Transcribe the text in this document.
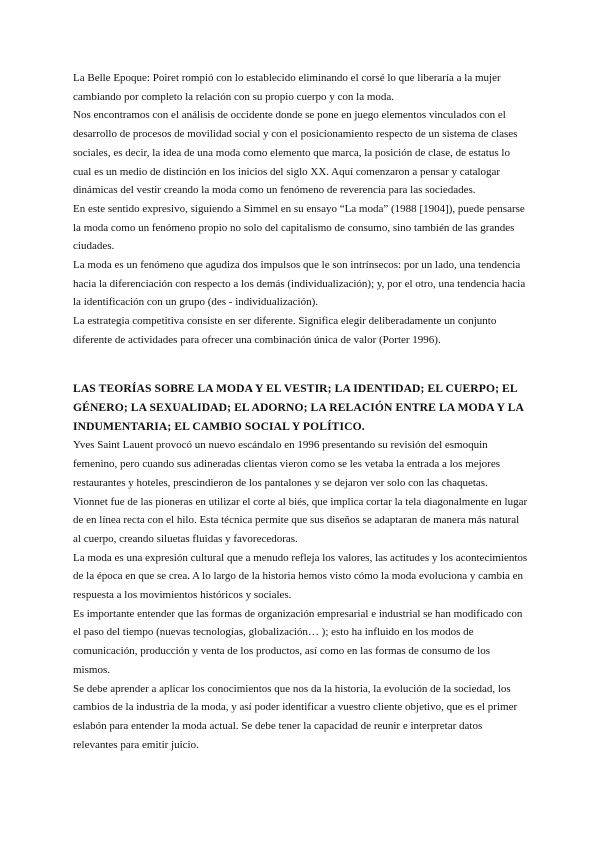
La Belle Epoque: Poiret rompió con lo establecido eliminando el corsé lo que liberaría a la mujer cambiando por completo la relación con su propio cuerpo y con la moda.

Nos encontramos con el análisis de occidente donde se pone en juego elementos vinculados con el desarrollo de procesos de movilidad social y con el posicionamiento respecto de un sistema de clases sociales, es decir, la idea de una moda como elemento que marca, la posición de clase, de estatus lo cual es un medio de distinción en los inicios del siglo XX. Aquí comenzaron a pensar y catalogar dinámicas del vestir creando la moda como un fenómeno de reverencia para las sociedades.

En este sentido expresivo, siguiendo a Simmel en su ensayo “La moda” (1988 [1904]), puede pensarse la moda como un fenómeno propio no solo del capitalismo de consumo, sino también de las grandes ciudades.

La moda es un fenómeno que agudiza dos impulsos que le son intrínsecos: por un lado, una tendencia hacia la diferenciación con respecto a los demás (individualización); y, por el otro, una tendencia hacia la identificación con un grupo (des - individualización).

La estrategia competitiva consiste en ser diferente. Significa elegir deliberadamente un conjunto diferente de actividades para ofrecer una combinación única de valor (Porter 1996).

LAS TEORÍAS SOBRE LA MODA Y EL VESTIR; LA IDENTIDAD; EL CUERPO; EL GÉNERO; LA SEXUALIDAD; EL ADORNO; LA RELACIÓN ENTRE LA MODA Y LA INDUMENTARIA; EL CAMBIO SOCIAL Y POLÍTICO.

Yves Saint Lauent provocó un nuevo escándalo en 1996 presentando su revisión del esmoquin femenino, pero cuando sus adineradas clientas vieron como se les vetaba la entrada a los mejores restaurantes y hoteles, prescindieron de los pantalones y se dejaron ver solo con las chaquetas.

Vionnet fue de las pioneras en utilizar el corte al biés, que implica cortar la tela diagonalmente en lugar de en línea recta con el hilo. Esta técnica permite que sus diseños se adaptaran de manera más natural al cuerpo, creando siluetas fluidas y favorecedoras.

La moda es una expresión cultural que a menudo refleja los valores, las actitudes y los acontecimientos de la época en que se crea. A lo largo de la historia hemos visto cómo la moda evoluciona y cambia en respuesta a los movimientos históricos y sociales.

Es importante entender que las formas de organización empresarial e industrial se han modificado con el paso del tiempo (nuevas tecnologías, globalización… ); esto ha influido en los modos de comunicación, producción y venta de los productos, así como en las formas de consumo de los mismos.

Se debe aprender a aplicar los conocimientos que nos da la historia, la evolución de la sociedad, los cambios de la industria de la moda, y así poder identificar a vuestro cliente objetivo, que es el primer eslabón para entender la moda actual. Se debe tener la capacidad de reunir e interpretar datos relevantes para emitir juicio.
